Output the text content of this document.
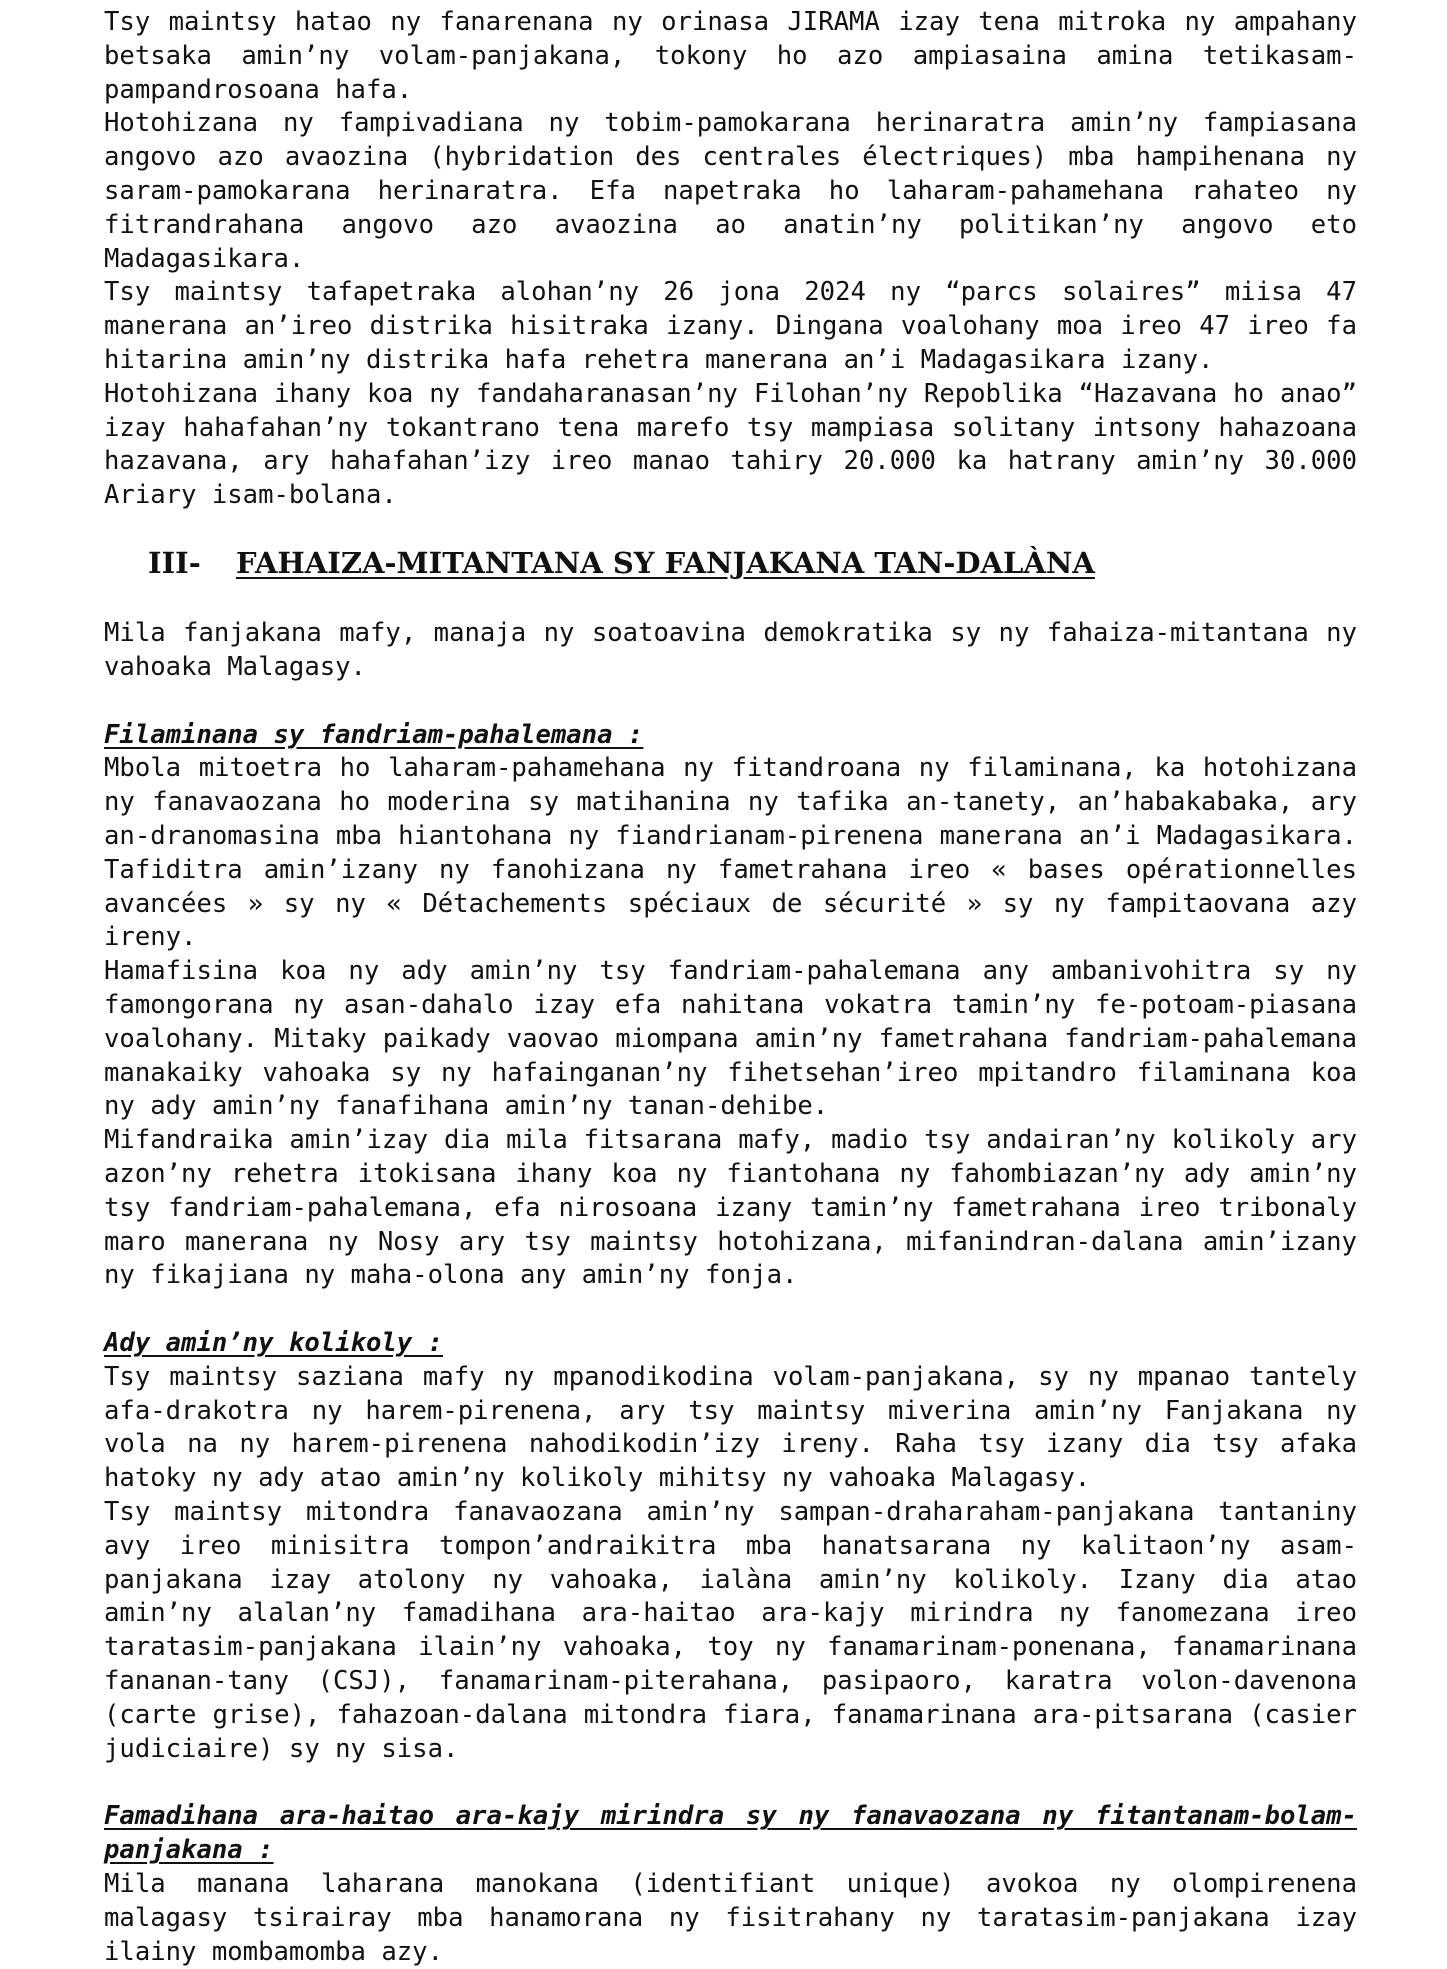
Tsy maintsy hatao ny fanarenana ny orinasa JIRAMA izay tena mitroka ny ampahany betsaka amin’ny volam-panjakana, tokony ho azo ampiasaina amina tetikasam-pampandrosoana hafa.

Hotohizana ny fampivadiana ny tobim-pamokarana herinaratra amin’ny fampiasana angovo azo avaozina (hybridation des centrales électriques) mba hampihenana ny saram-pamokarana herinaratra. Efa napetraka ho laharam-pahamehana rahateo ny fitrandrahana angovo azo avaozina ao anatin’ny politikan’ny angovo eto Madagasikara.

Tsy maintsy tafapetraka alohan’ny 26 jona 2024 ny “parcs solaires” miisa 47 manerana an’ireo distrika hisitraka izany. Dingana voalohany moa ireo 47 ireo fa hitarina amin’ny distrika hafa rehetra manerana an’i Madagasikara izany.

Hotohizana ihany koa ny fandaharanasan’ny Filohan’ny Repoblika “Hazavana ho anao” izay hahafahan’ny tokantrano tena marefo tsy mampiasa solitany intsony hahazoana hazavana, ary hahafahan’izy ireo manao tahiry 20.000 ka hatrany amin’ny 30.000 Ariary isam-bolana.

III-	FAHAIZA-MITANTANA SY FANJAKANA TAN-DALÀNA

Mila fanjakana mafy, manaja ny soatoavina demokratika sy ny fahaiza-mitantana ny vahoaka Malagasy.

Filaminana sy fandriam-pahalemana :

Mbola mitoetra ho laharam-pahamehana ny fitandroana ny filaminana, ka hotohizana ny fanavaozana ho moderina sy matihanina ny tafika an-tanety, an’habakabaka, ary an-dranomasina mba hiantohana ny fiandrianam-pirenena manerana an’i Madagasikara. Tafiditra amin’izany ny fanohizana ny fametrahana ireo « bases opérationnelles avancées » sy ny « Détachements spéciaux de sécurité » sy ny fampitaovana azy ireny.

Hamafisina koa ny ady amin’ny tsy fandriam-pahalemana any ambanivohitra sy ny famongorana ny asan-dahalo izay efa nahitana vokatra tamin’ny fe-potoam-piasana voalohany. Mitaky paikady vaovao miompana amin’ny fametrahana fandriam-pahalemana manakaiky vahoaka sy ny hafainganan’ny fihetsehan’ireo mpitandro filaminana koa ny ady amin’ny fanafihana amin’ny tanan-dehibe.

Mifandraika amin’izay dia mila fitsarana mafy, madio tsy andairan’ny kolikoly ary azon’ny rehetra itokisana ihany koa ny fiantohana ny fahombiazan’ny ady amin’ny tsy fandriam-pahalemana, efa nirosoana izany tamin’ny fametrahana ireo tribonaly maro manerana ny Nosy ary tsy maintsy hotohizana, mifanindran-dalana amin’izany ny fikajiana ny maha-olona any amin’ny fonja.

Ady amin’ny kolikoly :

Tsy maintsy saziana mafy ny mpanodikodina volam-panjakana, sy ny mpanao tantely afa-drakotra ny harem-pirenena, ary tsy maintsy miverina amin’ny Fanjakana ny vola na ny harem-pirenena nahodikodin’izy ireny. Raha tsy izany dia tsy afaka hatoky ny ady atao amin’ny kolikoly mihitsy ny vahoaka Malagasy.

Tsy maintsy mitondra fanavaozana amin’ny sampan-draharaham-panjakana tantaniny avy ireo minisitra tompon’andraikitra mba hanatsarana ny kalitaon’ny asam-panjakana izay atolony ny vahoaka, ialàna amin’ny kolikoly. Izany dia atao amin’ny alalan’ny famadihana ara-haitao ara-kajy mirindra ny fanomezana ireo taratasim-panjakana ilain’ny vahoaka, toy ny fanamarinam-ponenana, fanamarinana fananan-tany (CSJ), fanamarinam-piterahana, pasipaoro, karatra volon-davenona (carte grise), fahazoan-dalana mitondra fiara, fanamarinana ara-pitsarana (casier judiciaire) sy ny sisa.

Famadihana ara-haitao ara-kajy mirindra sy ny fanavaozana ny fitantanam-bolam-panjakana :

Mila manana laharana manokana (identifiant unique) avokoa ny olompirenena malagasy tsirairay mba hanamorana ny fisitrahany ny taratasim-panjakana izay ilainy mombamomba azy.
